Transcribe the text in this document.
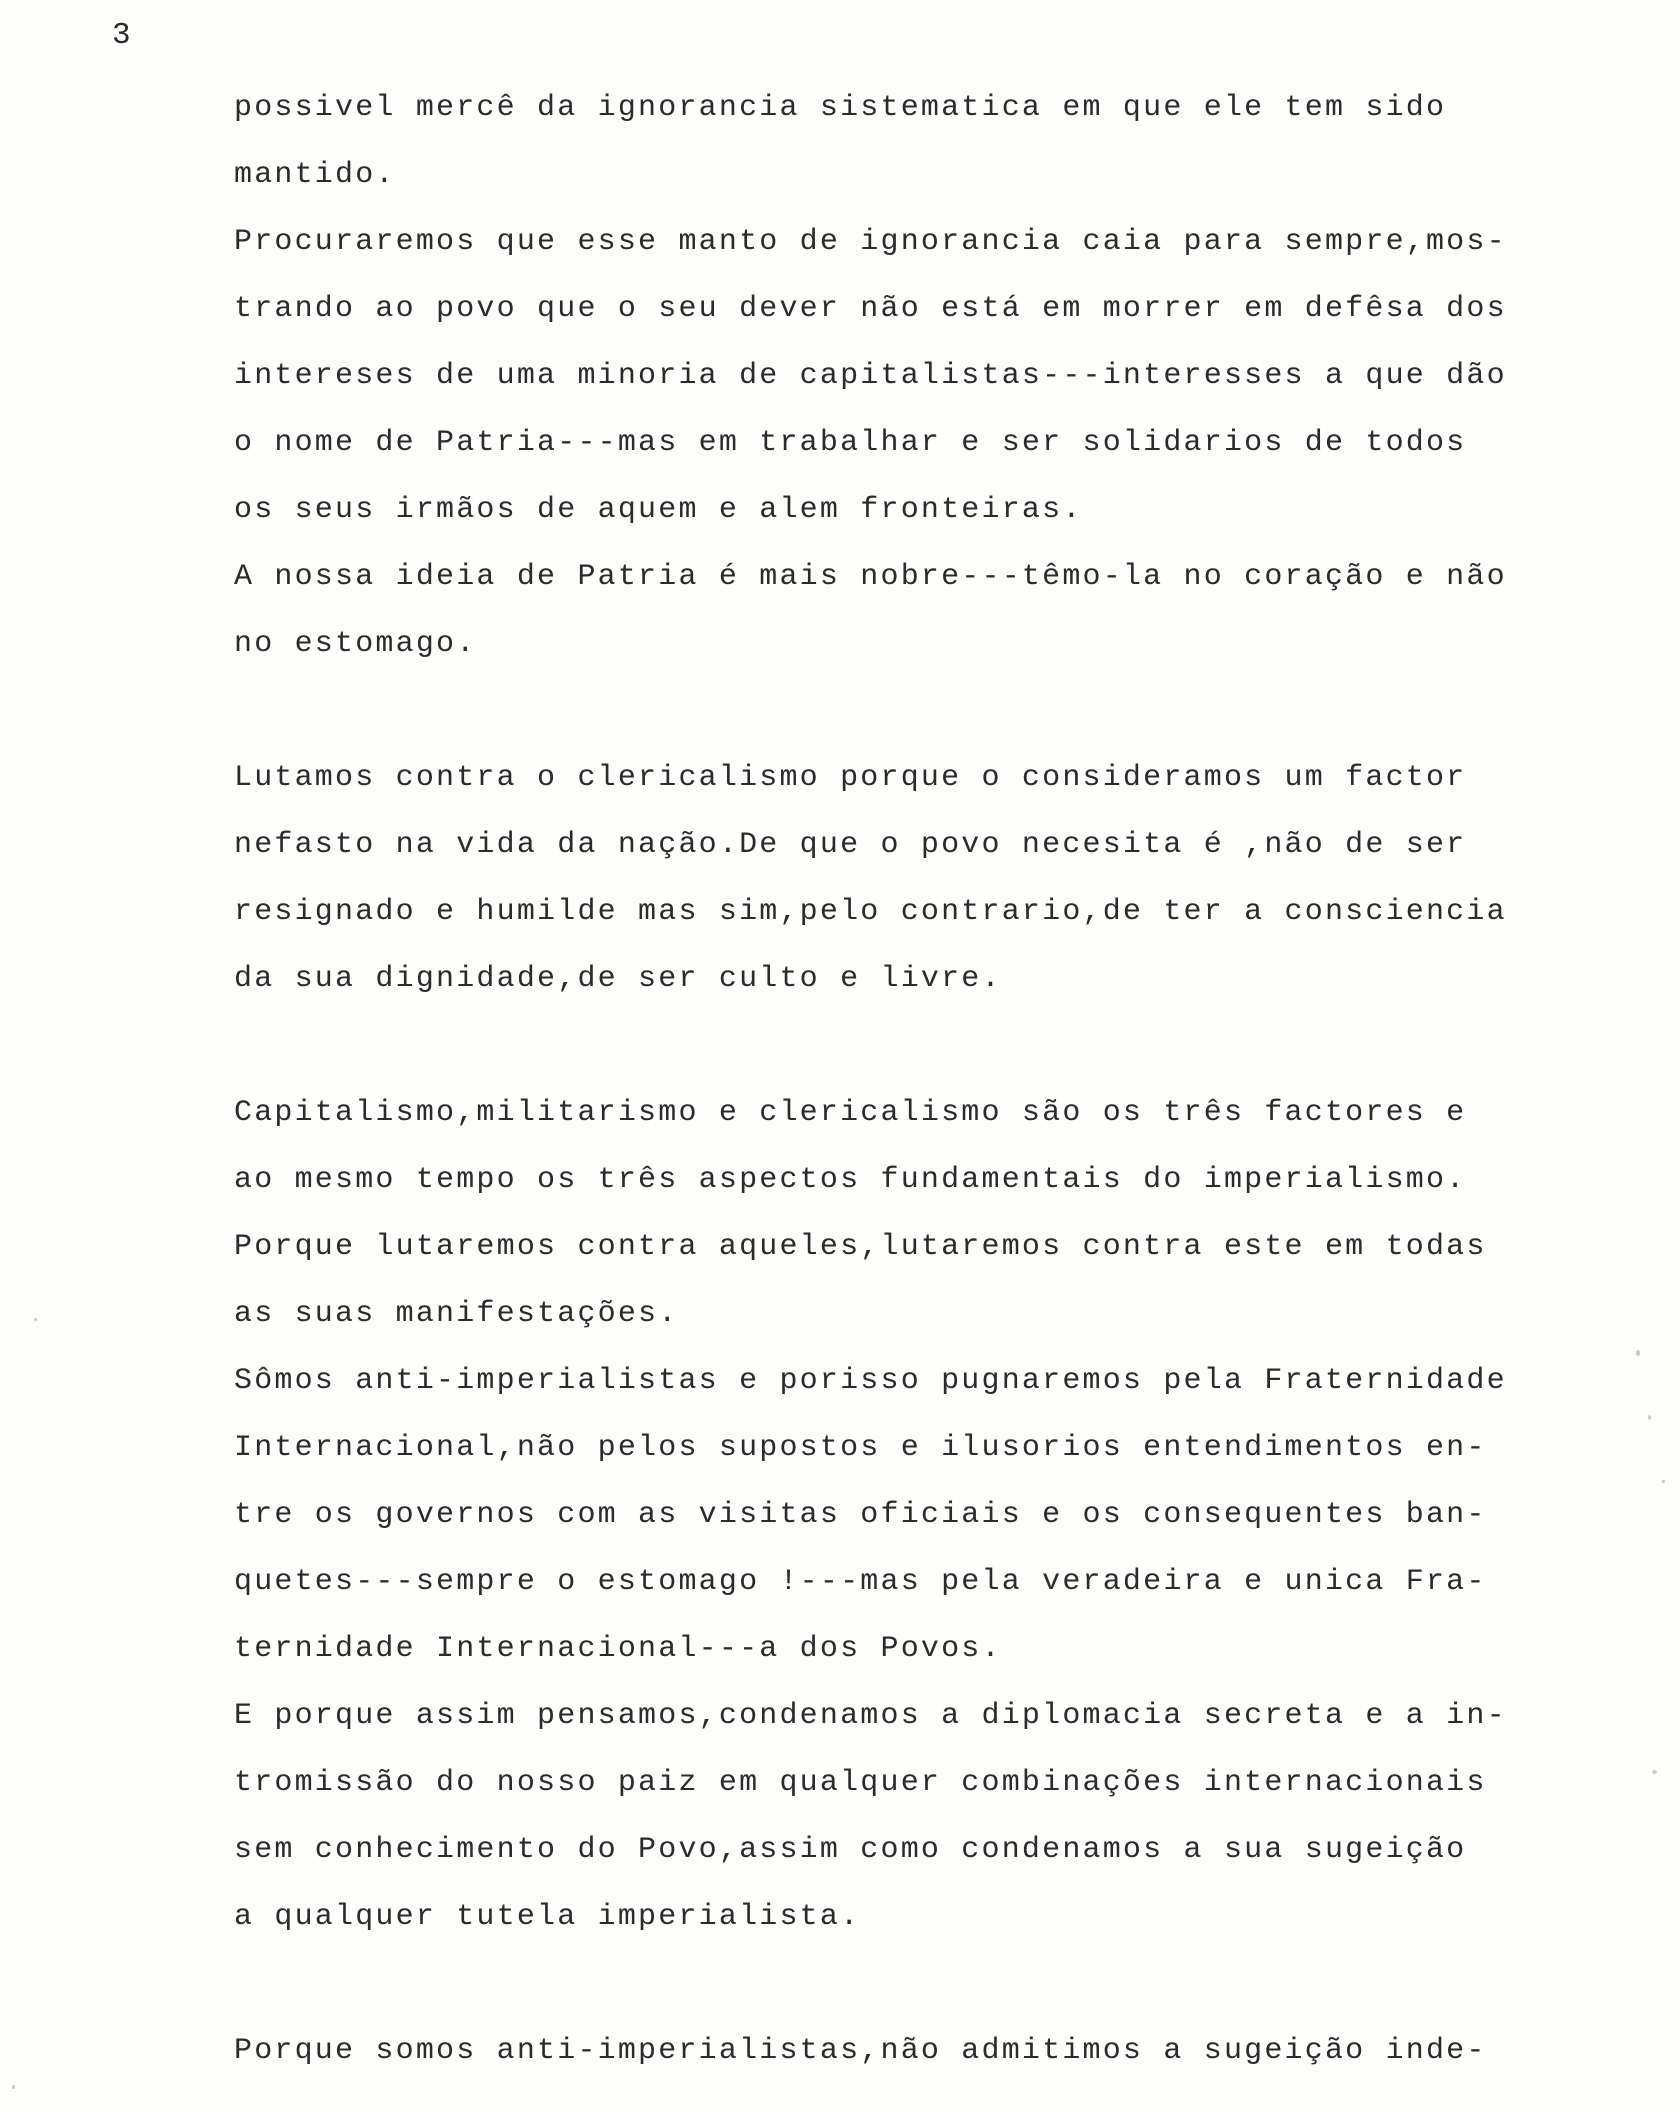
3
possivel mercê da ignorancia sistematica em que ele tem sido
mantido.
Procuraremos que esse manto de ignorancia caia para sempre,mos-
trando ao povo que o seu dever não está em morrer em defêsa dos
intereses de uma minoria de capitalistas---interesses a que dão
o nome de Patria---mas em trabalhar e ser solidarios de todos
os seus irmãos de aquem e alem fronteiras.
A nossa ideia de Patria é mais nobre---têmo-la no coração e não
no estomago.
Lutamos contra o clericalismo porque o consideramos um factor
nefasto na vida da nação.De que o povo necesita é ,não de ser
resignado e humilde mas sim,pelo contrario,de ter a consciencia
da sua dignidade,de ser culto e livre.
Capitalismo,militarismo e clericalismo são os três factores e
ao mesmo tempo os três aspectos fundamentais do imperialismo.
Porque lutaremos contra aqueles,lutaremos contra este em todas
as suas manifestações.
Sômos anti-imperialistas e porisso pugnaremos pela Fraternidade
Internacional,não pelos supostos e ilusorios entendimentos en-
tre os governos com as visitas oficiais e os consequentes ban-
quetes---sempre o estomago !---mas pela veradeira e unica Fra-
ternidade Internacional---a dos Povos.
E porque assim pensamos,condenamos a diplomacia secreta e a in-
tromissão do nosso paiz em qualquer combinações internacionais
sem conhecimento do Povo,assim como condenamos a sua sugeição
a qualquer tutela imperialista.
Porque somos anti-imperialistas,não admitimos a sugeição inde-
